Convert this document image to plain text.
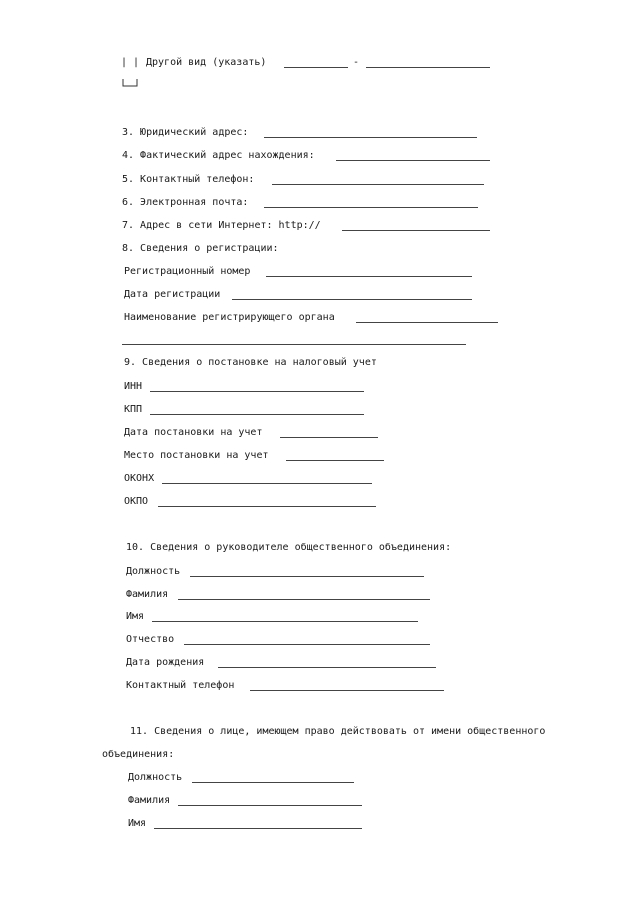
| | Другой вид (указать)	-
3. Юридический адрес:
4. Фактический адрес нахождения:
5. Контактный телефон:
6. Электронная почта:
7. Адрес в сети Интернет: http://
8. Сведения о регистрации:
Регистрационный номер
Дата регистрации
Наименование регистрирующего органа
9. Сведения о постановке на налоговый учет
ИНН
КПП
Дата постановки на учет
Место постановки на учет
ОКОНХ
ОКПО
10. Сведения о руководителе общественного объединения:
Должность
Фамилия
Имя
Отчество
Дата рождения
Контактный телефон
11. Сведения о лице, имеющем право действовать от имени общественного
объединения:
Должность
Фамилия
Имя
